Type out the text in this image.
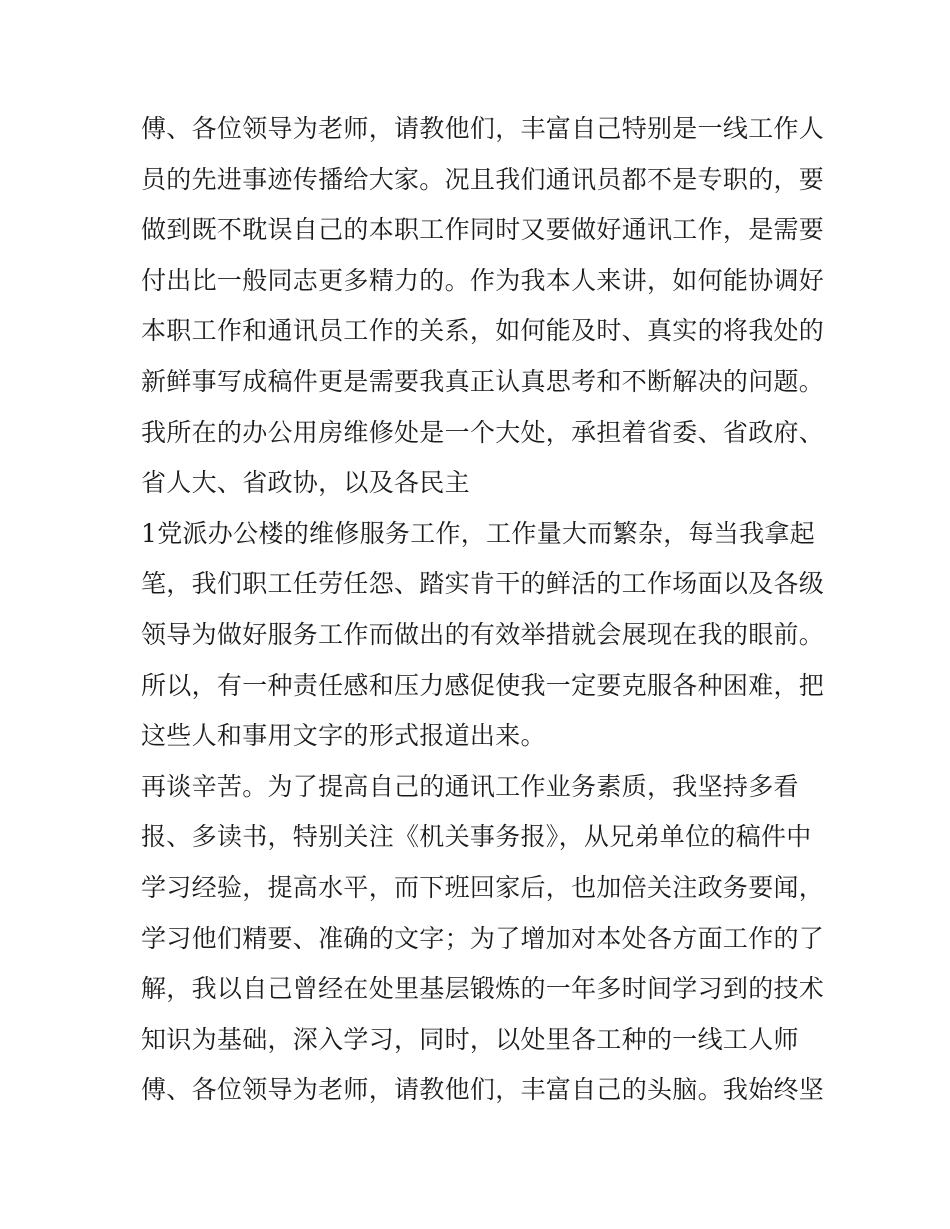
傅、各位领导为老师，请教他们，丰富自己特别是一线工作人
员的先进事迹传播给大家。况且我们通讯员都不是专职的，要
做到既不耽误自己的本职工作同时又要做好通讯工作，是需要
付出比一般同志更多精力的。作为我本人来讲，如何能协调好
本职工作和通讯员工作的关系，如何能及时、真实的将我处的
新鲜事写成稿件更是需要我真正认真思考和不断解决的问题。
我所在的办公用房维修处是一个大处，承担着省委、省政府、
省人大、省政协，以及各民主
1党派办公楼的维修服务工作，工作量大而繁杂，每当我拿起
笔，我们职工任劳任怨、踏实肯干的鲜活的工作场面以及各级
领导为做好服务工作而做出的有效举措就会展现在我的眼前。
所以，有一种责任感和压力感促使我一定要克服各种困难，把
这些人和事用文字的形式报道出来。
再谈辛苦。为了提高自己的通讯工作业务素质，我坚持多看
报、多读书，特别关注《机关事务报》，从兄弟单位的稿件中
学习经验，提高水平，而下班回家后，也加倍关注政务要闻，
学习他们精要、准确的文字；为了增加对本处各方面工作的了
解，我以自己曾经在处里基层锻炼的一年多时间学习到的技术
知识为基础，深入学习，同时，以处里各工种的一线工人师
傅、各位领导为老师，请教他们，丰富自己的头脑。我始终坚
